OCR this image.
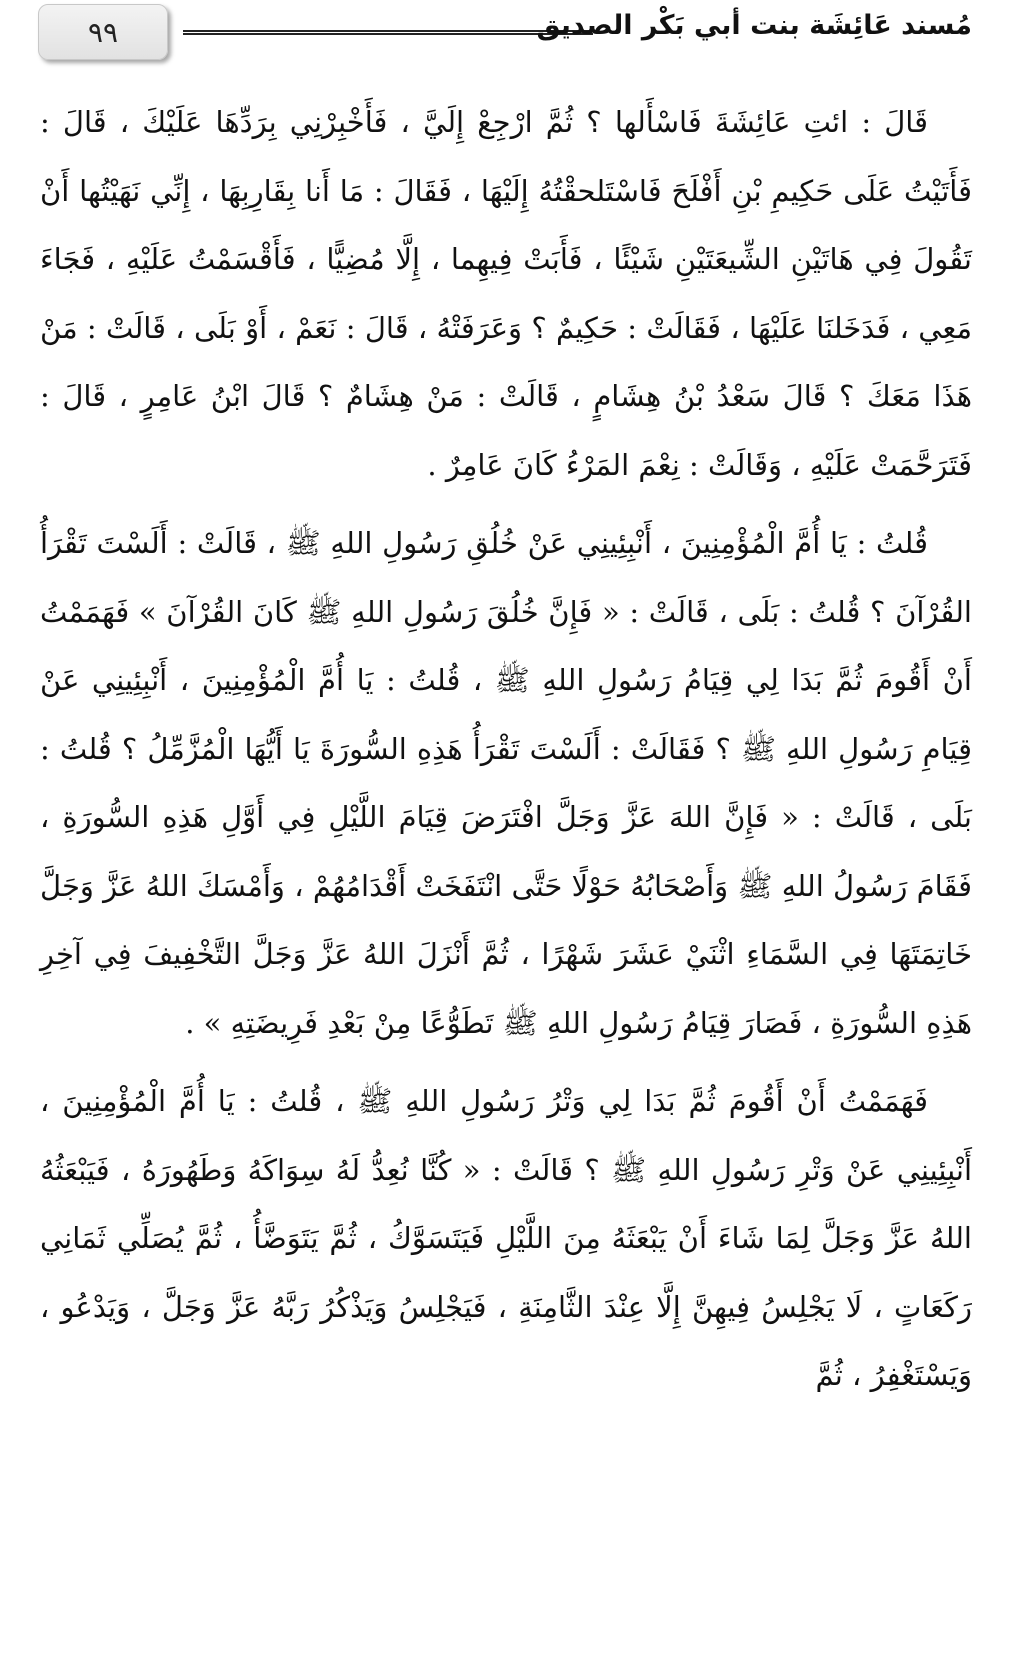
٩٩	مُسند عَائِشَة بنت أبي بَكْر الصديق

قَالَ : ائتِ عَائِشَةَ فَاسْأَلها ؟ ثُمَّ ارْجِعْ إِلَيَّ ، فَأَخْبِرْنِي بِرَدِّهَا عَلَيْكَ ، قَالَ : فَأَتَيْتُ عَلَى حَكِيمِ بْنِ أَفْلَحَ فَاسْتَلحقْتُهُ إِلَيْهَا ، فَقَالَ : مَا أَنا بِقَارِبِهَا ، إِنِّي نَهَيْتُها أَنْ تَقُولَ فِي هَاتَيْنِ الشِّيعَتَيْنِ شَيْئًا ، فَأَبَتْ فِيهِما ، إِلَّا مُضِيًّا ، فَأَقْسَمْتُ عَلَيْهِ ، فَجَاءَ مَعِي ، فَدَخَلنَا عَلَيْهَا ، فَقَالَتْ : حَكِيمٌ ؟ وَعَرَفَتْهُ ، قَالَ : نَعَمْ ، أَوْ بَلَى ، قَالَتْ : مَنْ هَذَا مَعَكَ ؟ قَالَ سَعْدُ بْنُ هِشَامٍ ، قَالَتْ : مَنْ هِشَامٌ ؟ قَالَ ابْنُ عَامِرٍ ، قَالَ : فَتَرَحَّمَتْ عَلَيْهِ ، وَقَالَتْ : نِعْمَ المَرْءُ كَانَ عَامِرٌ .

قُلتُ : يَا أُمَّ الْمُؤْمِنِينَ ، أَنْبِئِينِي عَنْ خُلُقِ رَسُولِ اللهِ ﷺ ، قَالَتْ : أَلَسْتَ تَقْرَأُ القُرْآنَ ؟ قُلتُ : بَلَى ، قَالَتْ : « فَإِنَّ خُلُقَ رَسُولِ اللهِ ﷺ كَانَ القُرْآنَ » فَهَمَمْتُ أَنْ أَقُومَ ثُمَّ بَدَا لِي قِيَامُ رَسُولِ اللهِ ﷺ ، قُلتُ : يَا أُمَّ الْمُؤْمِنِينَ ، أَنْبِئِينِي عَنْ قِيَامِ رَسُولِ اللهِ ﷺ ؟ فَقَالَتْ : أَلَسْتَ تَقْرَأُ هَذِهِ السُّورَةَ يَا أَيُّهَا الْمُزَّمِّلُ ؟ قُلتُ : بَلَى ، قَالَتْ : « فَإِنَّ اللهَ عَزَّ وَجَلَّ افْتَرَضَ قِيَامَ اللَّيْلِ فِي أَوَّلِ هَذِهِ السُّورَةِ ، فَقَامَ رَسُولُ اللهِ ﷺ وَأَصْحَابُهُ حَوْلًا حَتَّى انْتَفَخَتْ أَقْدَامُهُمْ ، وَأَمْسَكَ اللهُ عَزَّ وَجَلَّ خَاتِمَتَهَا فِي السَّمَاءِ اثْنَيْ عَشَرَ شَهْرًا ، ثُمَّ أَنْزَلَ اللهُ عَزَّ وَجَلَّ التَّخْفِيفَ فِي آخِرِ هَذِهِ السُّورَةِ ، فَصَارَ قِيَامُ رَسُولِ اللهِ ﷺ تَطَوُّعًا مِنْ بَعْدِ فَرِيضَتِهِ » .

فَهَمَمْتُ أَنْ أَقُومَ ثُمَّ بَدَا لِي وَتْرُ رَسُولِ اللهِ ﷺ ، قُلتُ : يَا أُمَّ الْمُؤْمِنِينَ ، أَنْبِئِينِي عَنْ وَتْرِ رَسُولِ اللهِ ﷺ ؟ قَالَتْ : « كُنَّا نُعِدُّ لَهُ سِوَاكَهُ وَطَهُورَهُ ، فَيَبْعَثُهُ اللهُ عَزَّ وَجَلَّ لِمَا شَاءَ أَنْ يَبْعَثَهُ مِنَ اللَّيْلِ فَيَتَسَوَّكُ ، ثُمَّ يَتَوَضَّأُ ، ثُمَّ يُصَلِّي ثَمَانِي رَكَعَاتٍ ، لَا يَجْلِسُ فِيهِنَّ إِلَّا عِنْدَ الثَّامِنَةِ ، فَيَجْلِسُ وَيَذْكُرُ رَبَّهُ عَزَّ وَجَلَّ ، وَيَدْعُو ، وَيَسْتَغْفِرُ ، ثُمَّ
